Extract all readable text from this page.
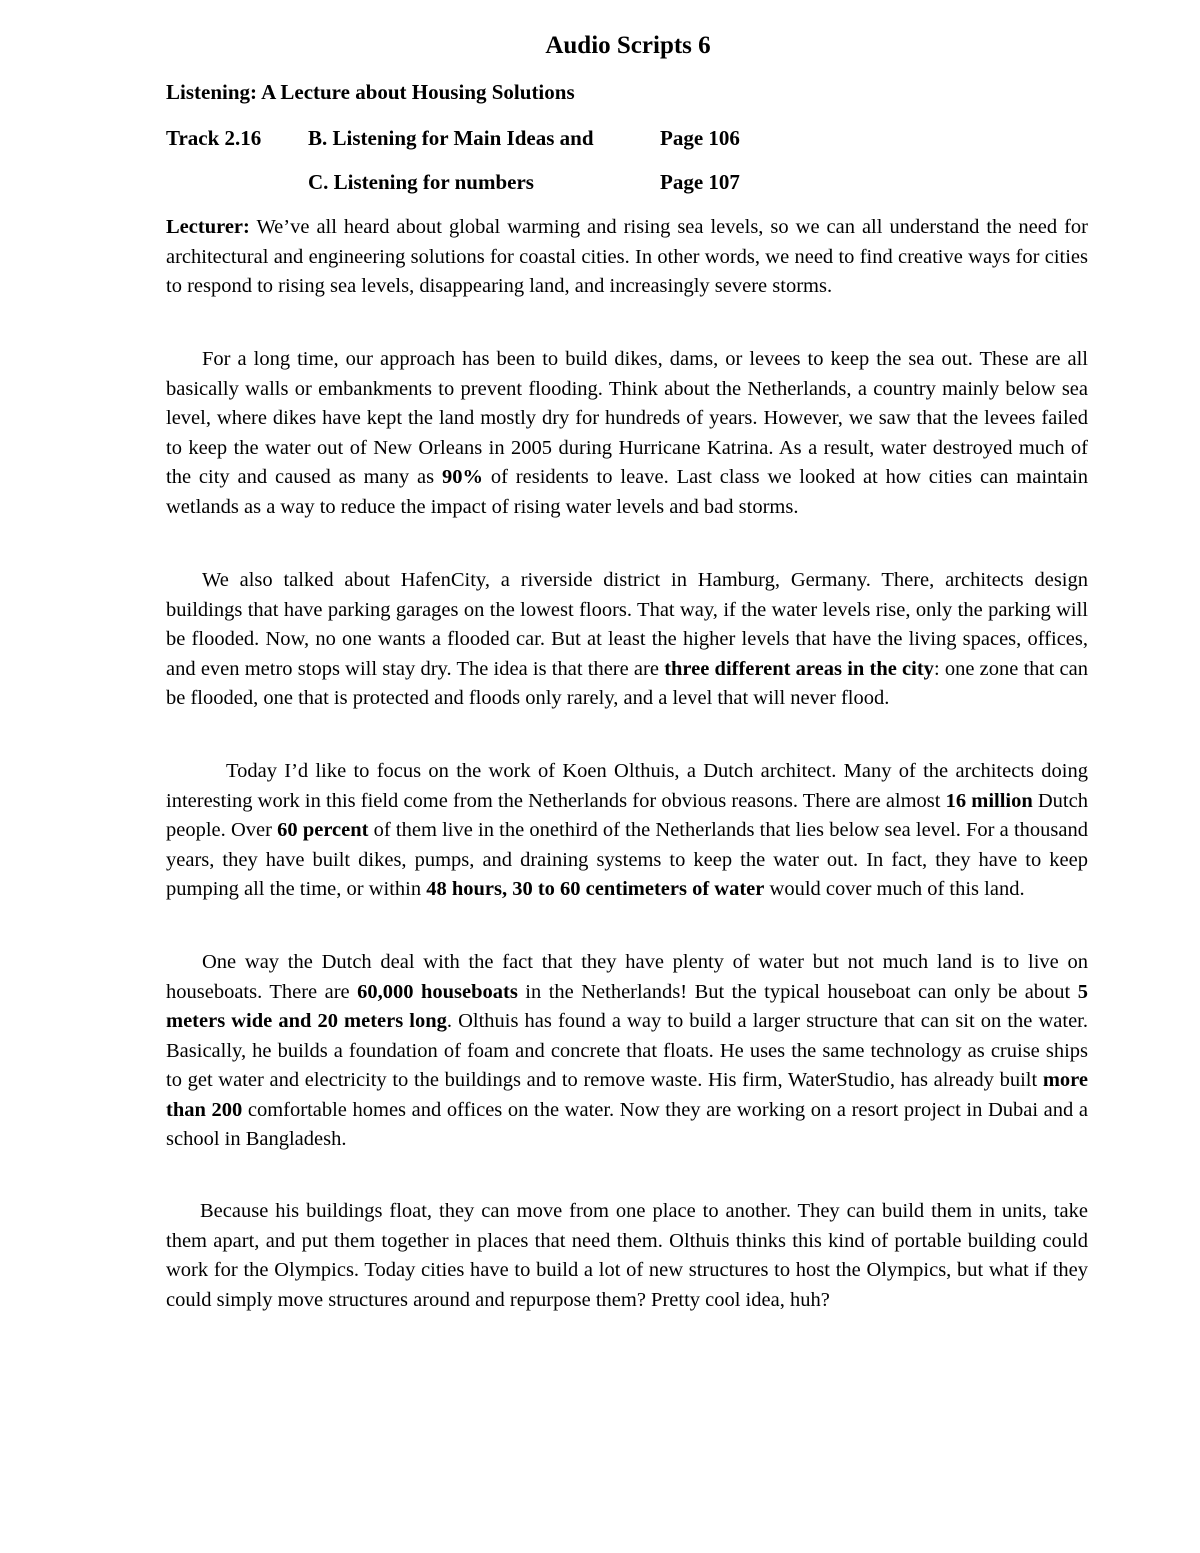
Audio Scripts 6
Listening: A Lecture about Housing Solutions
Track 2.16 B. Listening for Main Ideas and	Page 106
C. Listening for numbers	Page 107
Lecturer: We’ve all heard about global warming and rising sea levels, so we can all understand the need for architectural and engineering solutions for coastal cities. In other words, we need to find creative ways for cities to respond to rising sea levels, disappearing land, and increasingly severe storms.
For a long time, our approach has been to build dikes, dams, or levees to keep the sea out. These are all basically walls or embankments to prevent flooding. Think about the Netherlands, a country mainly below sea level, where dikes have kept the land mostly dry for hundreds of years. However, we saw that the levees failed to keep the water out of New Orleans in 2005 during Hurricane Katrina. As a result, water destroyed much of the city and caused as many as 90% of residents to leave. Last class we looked at how cities can maintain wetlands as a way to reduce the impact of rising water levels and bad storms.
We also talked about HafenCity, a riverside district in Hamburg, Germany. There, architects design buildings that have parking garages on the lowest floors. That way, if the water levels rise, only the parking will be flooded. Now, no one wants a flooded car. But at least the higher levels that have the living spaces, offices, and even metro stops will stay dry. The idea is that there are three different areas in the city: one zone that can be flooded, one that is protected and floods only rarely, and a level that will never flood.
Today I’d like to focus on the work of Koen Olthuis, a Dutch architect. Many of the architects doing interesting work in this field come from the Netherlands for obvious reasons. There are almost 16 million Dutch people. Over 60 percent of them live in the onethird of the Netherlands that lies below sea level. For a thousand years, they have built dikes, pumps, and draining systems to keep the water out. In fact, they have to keep pumping all the time, or within 48 hours, 30 to 60 centimeters of water would cover much of this land.
One way the Dutch deal with the fact that they have plenty of water but not much land is to live on houseboats. There are 60,000 houseboats in the Netherlands! But the typical houseboat can only be about 5 meters wide and 20 meters long. Olthuis has found a way to build a larger structure that can sit on the water. Basically, he builds a foundation of foam and concrete that floats. He uses the same technology as cruise ships to get water and electricity to the buildings and to remove waste. His firm, WaterStudio, has already built more than 200 comfortable homes and offices on the water. Now they are working on a resort project in Dubai and a school in Bangladesh.
Because his buildings float, they can move from one place to another. They can build them in units, take them apart, and put them together in places that need them. Olthuis thinks this kind of portable building could work for the Olympics. Today cities have to build a lot of new structures to host the Olympics, but what if they could simply move structures around and repurpose them? Pretty cool idea, huh?
